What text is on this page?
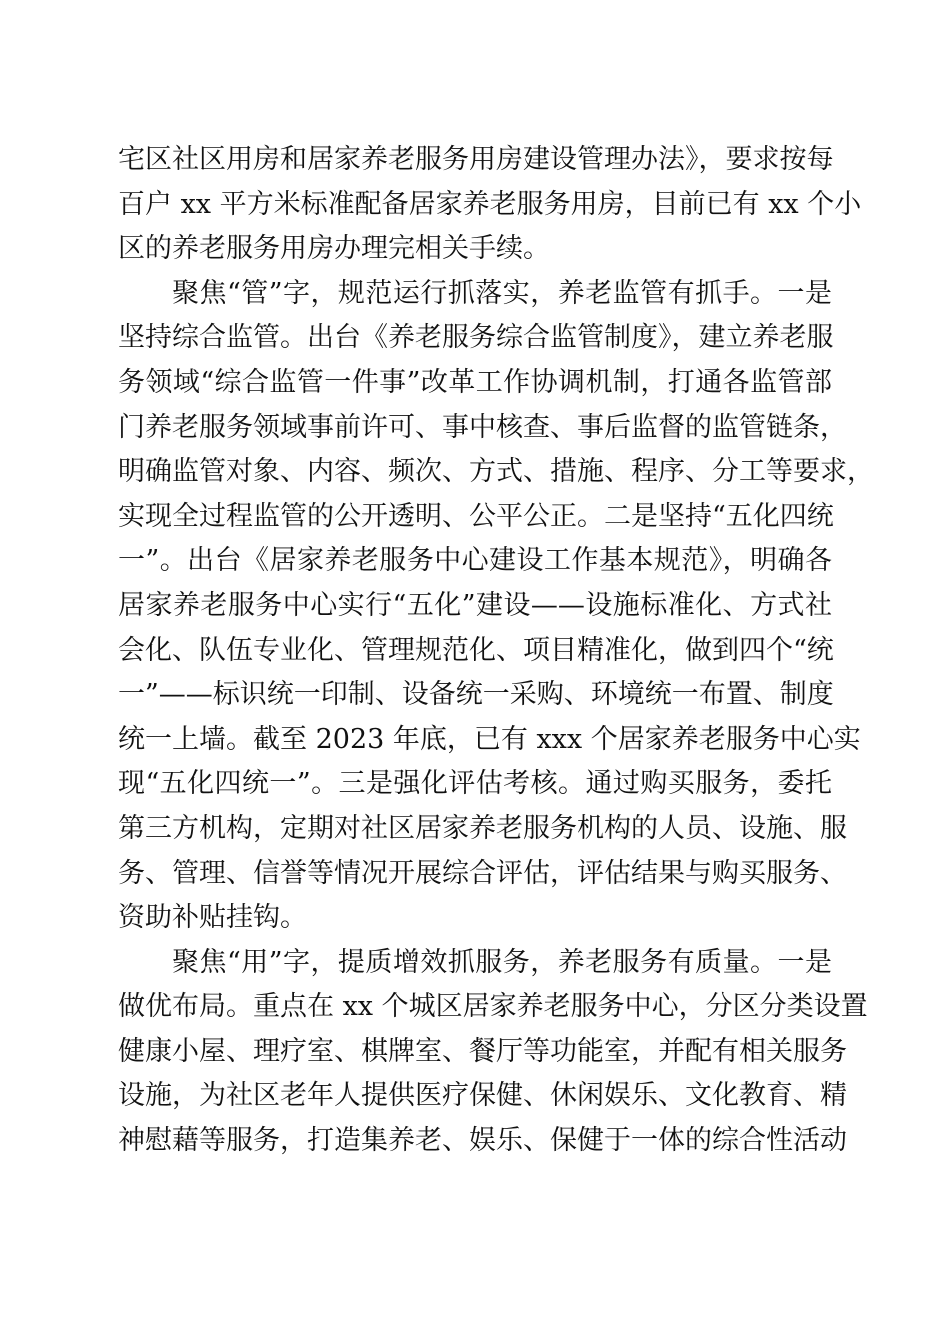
宅区社区用房和居家养老服务用房建设管理办法》，要求按每
百户 xx 平方米标准配备居家养老服务用房，目前已有 xx 个小
区的养老服务用房办理完相关手续。
聚焦“管”字，规范运行抓落实，养老监管有抓手。一是
坚持综合监管。出台《养老服务综合监管制度》，建立养老服
务领域“综合监管一件事”改革工作协调机制，打通各监管部
门养老服务领域事前许可、事中核查、事后监督的监管链条，
明确监管对象、内容、频次、方式、措施、程序、分工等要求，
实现全过程监管的公开透明、公平公正。二是坚持“五化四统
一”。出台《居家养老服务中心建设工作基本规范》，明确各
居家养老服务中心实行“五化”建设——设施标准化、方式社
会化、队伍专业化、管理规范化、项目精准化，做到四个“统
一”——标识统一印制、设备统一采购、环境统一布置、制度
统一上墙。截至 2023 年底，已有 xxx 个居家养老服务中心实
现“五化四统一”。三是强化评估考核。通过购买服务，委托
第三方机构，定期对社区居家养老服务机构的人员、设施、服
务、管理、信誉等情况开展综合评估，评估结果与购买服务、
资助补贴挂钩。
聚焦“用”字，提质增效抓服务，养老服务有质量。一是
做优布局。重点在 xx 个城区居家养老服务中心，分区分类设置
健康小屋、理疗室、棋牌室、餐厅等功能室，并配有相关服务
设施，为社区老年人提供医疗保健、休闲娱乐、文化教育、精
神慰藉等服务，打造集养老、娱乐、保健于一体的综合性活动
